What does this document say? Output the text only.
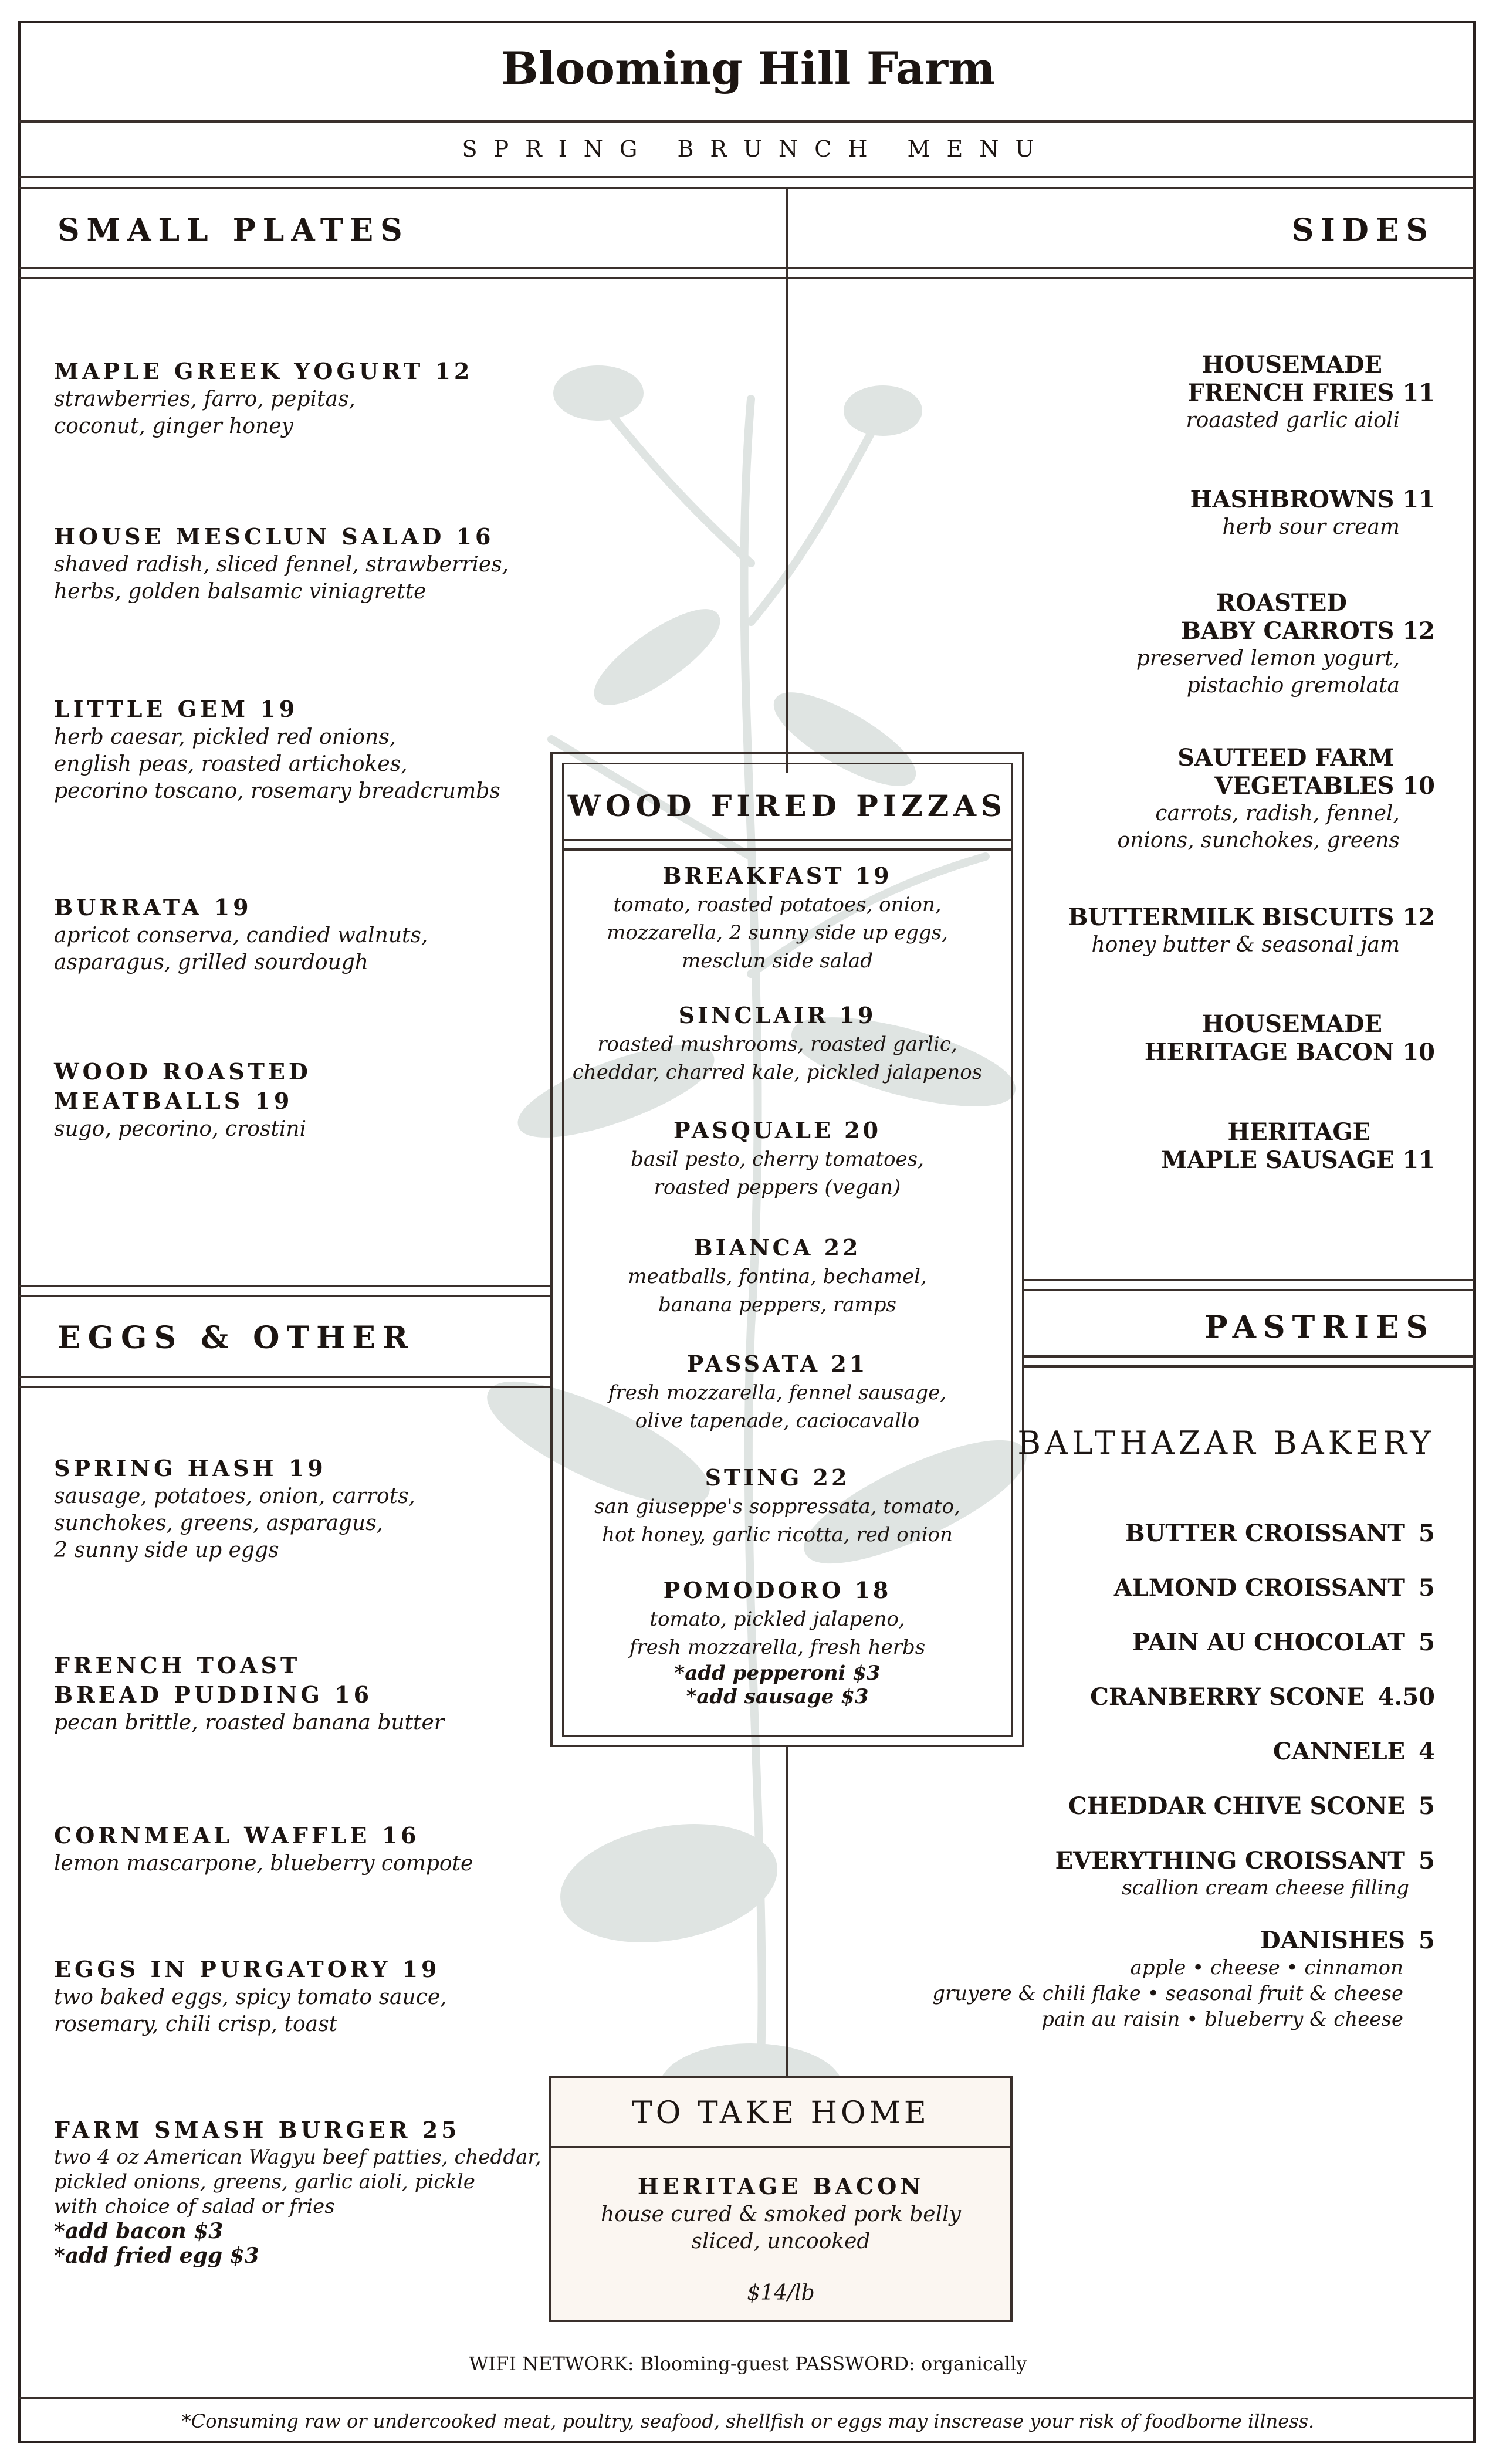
Blooming Hill Farm
SPRING BRUNCH MENU
SMALL PLATES	SIDES
MAPLE GREEK YOGURT 12
strawberries, farro, pepitas,
coconut, ginger honey
HOUSE MESCLUN SALAD 16
shaved radish, sliced fennel, strawberries,
herbs, golden balsamic viniagrette
LITTLE GEM 19
herb caesar, pickled red onions,
english peas, roasted artichokes,
pecorino toscano, rosemary breadcrumbs
BURRATA 19
apricot conserva, candied walnuts,
asparagus, grilled sourdough
WOOD ROASTED
MEATBALLS 19
sugo, pecorino, crostini
HOUSEMADE
FRENCH FRIES 11
roaasted garlic aioli
HASHBROWNS 11
herb sour cream
ROASTED
BABY CARROTS 12
preserved lemon yogurt,
pistachio gremolata
SAUTEED FARM
VEGETABLES 10
carrots, radish, fennel,
onions, sunchokes, greens
BUTTERMILK BISCUITS 12
honey butter & seasonal jam
HOUSEMADE
HERITAGE BACON 10
HERITAGE
MAPLE SAUSAGE 11
EGGS & OTHER	PASTRIES
WOOD FIRED PIZZAS
BREAKFAST 19
tomato, roasted potatoes, onion,
mozzarella, 2 sunny side up eggs,
mesclun side salad
SINCLAIR 19
roasted mushrooms, roasted garlic,
cheddar, charred kale, pickled jalapenos
PASQUALE 20
basil pesto, cherry tomatoes,
roasted peppers (vegan)
BIANCA 22
meatballs, fontina, bechamel,
banana peppers, ramps
PASSATA 21
fresh mozzarella, fennel sausage,
olive tapenade, caciocavallo
STING 22
san giuseppe's soppressata, tomato,
hot honey, garlic ricotta, red onion
POMODORO 18
tomato, pickled jalapeno,
fresh mozzarella, fresh herbs
*add pepperoni $3
*add sausage $3
SPRING HASH 19
sausage, potatoes, onion, carrots,
sunchokes, greens, asparagus,
2 sunny side up eggs
FRENCH TOAST
BREAD PUDDING 16
pecan brittle, roasted banana butter
CORNMEAL WAFFLE 16
lemon mascarpone, blueberry compote
EGGS IN PURGATORY 19
two baked eggs, spicy tomato sauce,
rosemary, chili crisp, toast
FARM SMASH BURGER 25
two 4 oz American Wagyu beef patties, cheddar,
pickled onions, greens, garlic aioli, pickle
with choice of salad or fries
*add bacon $3
*add fried egg $3
BALTHAZAR BAKERY
BUTTER CROISSANT 5
ALMOND CROISSANT 5
PAIN AU CHOCOLAT 5
CRANBERRY SCONE 4.50
CANNELE 4
CHEDDAR CHIVE SCONE 5
EVERYTHING CROISSANT 5
scallion cream cheese filling
DANISHES 5
apple • cheese • cinnamon
gruyere & chili flake • seasonal fruit & cheese
pain au raisin • blueberry & cheese
TO TAKE HOME
HERITAGE BACON
house cured & smoked pork belly
sliced, uncooked
$14/lb
WIFI NETWORK: Blooming-guest PASSWORD: organically
*Consuming raw or undercooked meat, poultry, seafood, shellfish or eggs may inscrease your risk of foodborne illness.
